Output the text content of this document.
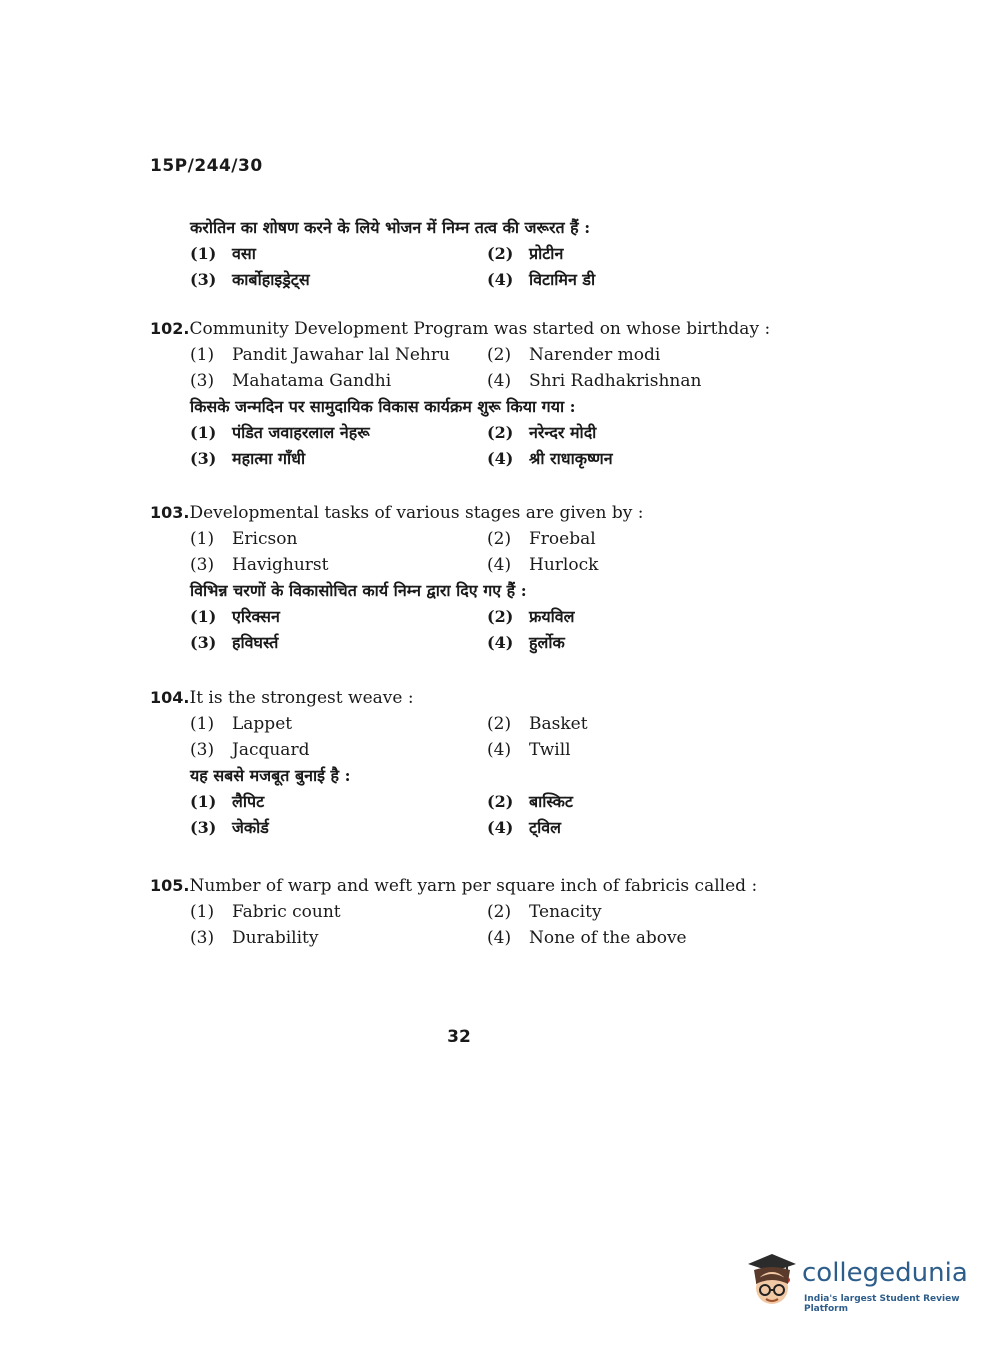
15P/244/30
करोतिन का शोषण करने के लिये भोजन में निम्न तत्व की जरूरत हैं :
(1) वसा	(2) प्रोटीन
(3) कार्बोहाइड्रेट्स	(4) विटामिन डी
102.Community Development Program was started on whose birthday :
(1) Pandit Jawahar lal Nehru	(2) Narender modi
(3) Mahatama Gandhi	(4) Shri Radhakrishnan
किसके जन्मदिन पर सामुदायिक विकास कार्यक्रम शुरू किया गया :
(1) पंडित जवाहरलाल नेहरू	(2) नरेन्दर मोदी
(3) महात्मा गाँधी	(4) श्री राधाकृष्णन
103.Developmental tasks of various stages are given by :
(1) Ericson	(2) Froebal
(3) Havighurst	(4) Hurlock
विभिन्न चरणों के विकासोचित कार्य निम्न द्वारा दिए गए हैं :
(1) एरिक्सन	(2) फ्रयविल
(3) हविघर्स्त	(4) हुर्लोक
104.It is the strongest weave :
(1) Lappet	(2) Basket
(3) Jacquard	(4) Twill
यह सबसे मजबूत बुनाई है :
(1) लैपिट	(2) बास्किट
(3) जेकोर्ड	(4) ट्विल
105.Number of warp and weft yarn per square inch of fabricis called :
(1) Fabric count	(2) Tenacity
(3) Durability	(4) None of the above
32
collegedunia
India's largest Student Review Platform
